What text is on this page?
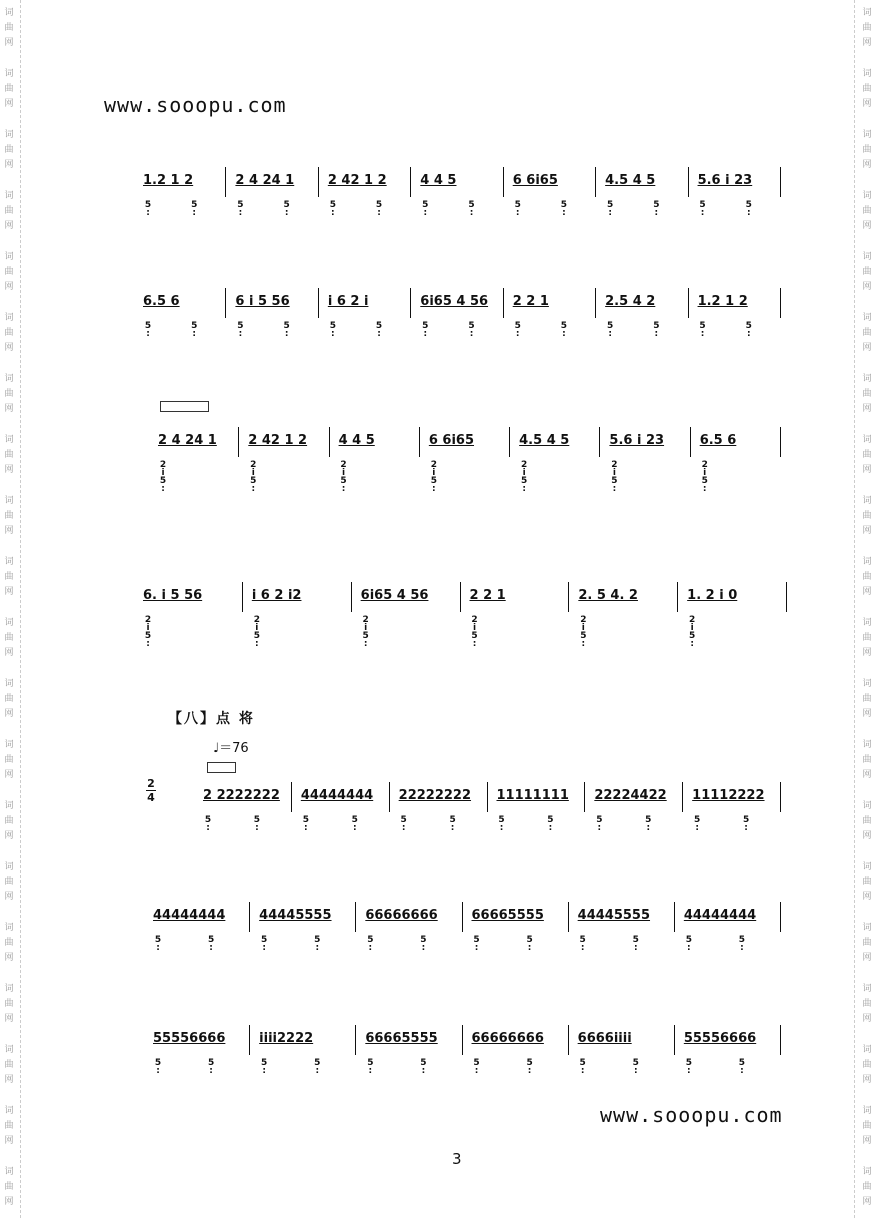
词
曲
网
词
曲
网
词
曲
网
词
曲
网
词
曲
网
词
曲
网
词
曲
网
词
曲
网
词
曲
网
词
曲
网
词
曲
网
词
曲
网
词
曲
网
词
曲
网
词
曲
网
词
曲
网
词
曲
网
词
曲
网
词
曲
网
词
曲
网
词
曲
网
词
曲
网
词
曲
网
词
曲
网
词
曲
网
词
曲
网
词
曲
网
词
曲
网
词
曲
网
词
曲
网
词
曲
网
词
曲
网
词
曲
网
词
曲
网
词
曲
网
词
曲
网
词
曲
网
词
曲
网
词
曲
网
词
曲
网
www.sooopu.com
1.2 1 2	2 4 24 1	2 42 1 2	4 4 5	6 6i65	4.5 4 5	5.6 i 23
5
:
5
:
5
:
5
:
5
:
5
:
5
:
5
:
5
:
5
:
5
:
5
:
5
:
5
:
6.5 6	6 i 5 56	i 6 2 i	6i65 4 56 2 2 1	2.5 4 2	1.2 1 2
5
:
5
:
5
:
5
:
5
:
5
:
5
:
5
:
5
:
5
:
5
:
5
:
5
:
5
:
2 4 24 1 2 42 1 2 4 4 5	6 6i65	4.5 4 5	5.6 i 23	6.5 6
2
i
5
:
2
i
5
:
2
i
5
:
2
i
5
:
2
i
5
:
2
i
5
:
2
i
5
:
6. i 5 56	i 6 2 i2	6i65 4 56	2 2 1	2. 5 4. 2	1. 2 i 0
2
i
5
:
2
i
5
:
2
i
5
:
2
i
5
:
2
i
5
:
2
i
5
:
2 2222222 44444444 22222222 11111111 22224422 11112222
5
:
5
:
5
:
5
:
5
:
5
:
5
:
5
:
5
:
5
:
5
:
5
:
44444444	44445555	66666666	66665555	44445555	44444444
5
:
5
:
5
:
5
:
5
:
5
:
5
:
5
:
5
:
5
:
5
:
5
:
55556666	iiii2222	66665555	66666666	6666iiii	55556666
5
:
5
:
5
:
5
:
5
:
5
:
5
:
5
:
5
:
5
:
5
:
5
:
【八】点 将
♩＝76
2
4

www.sooopu.com
3
